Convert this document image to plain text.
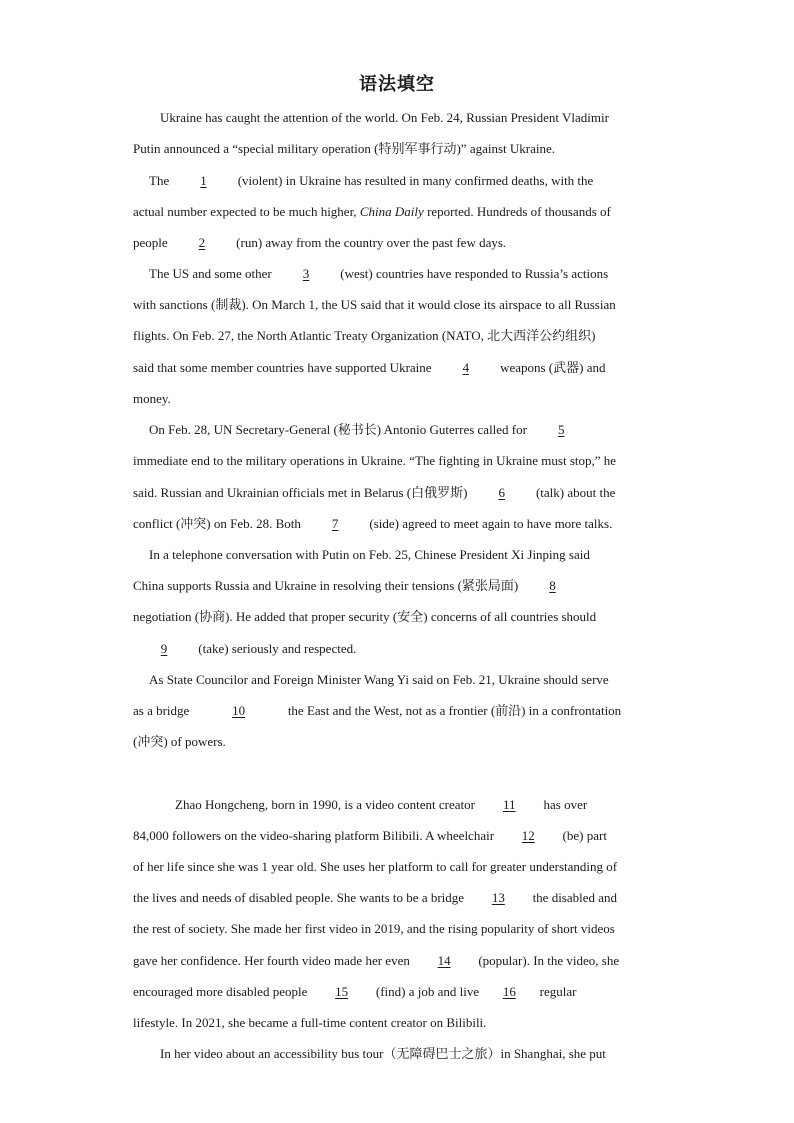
语法填空
Ukraine has caught the attention of the world. On Feb. 24, Russian President Vladimir
Putin announced a “special military operation (特别军事行动)” against Ukraine.
The 1 (violent) in Ukraine has resulted in many confirmed deaths, with the
actual number expected to be much higher, China Daily reported. Hundreds of thousands of
people 2 (run) away from the country over the past few days.
The US and some other 3 (west) countries have responded to Russia’s actions
with sanctions (制裁). On March 1, the US said that it would close its airspace to all Russian
flights. On Feb. 27, the North Atlantic Treaty Organization (NATO, 北大西洋公约组织)
said that some member countries have supported Ukraine 4 weapons (武器) and
money.
On Feb. 28, UN Secretary-General (秘书长) Antonio Guterres called for 5
immediate end to the military operations in Ukraine. “The fighting in Ukraine must stop,” he
said. Russian and Ukrainian officials met in Belarus (白俄罗斯) 6 (talk) about the
conflict (冲突) on Feb. 28. Both 7 (side) agreed to meet again to have more talks.
In a telephone conversation with Putin on Feb. 25, Chinese President Xi Jinping said
China supports Russia and Ukraine in resolving their tensions (紧张局面) 8
negotiation (协商). He added that proper security (安全) concerns of all countries should
9 (take) seriously and respected.
As State Councilor and Foreign Minister Wang Yi said on Feb. 21, Ukraine should serve
as a bridge	10	the East and the West, not as a frontier (前沿) in a confrontation
(冲突) of powers.
Zhao Hongcheng, born in 1990, is a video content creator 11 has over
84,000 followers on the video-sharing platform Bilibili. A wheelchair 12 (be) part
of her life since she was 1 year old. She uses her platform to call for greater understanding of
the lives and needs of disabled people. She wants to be a bridge 13 the disabled and
the rest of society. She made her first video in 2019, and the rising popularity of short videos
gave her confidence. Her fourth video made her even 14 (popular). In the video, she
encouraged more disabled people 15 (find) a job and live 16 regular
lifestyle. In 2021, she became a full-time content creator on Bilibili.
In her video about an accessibility bus tour（无障碍巴士之旅）in Shanghai, she put
